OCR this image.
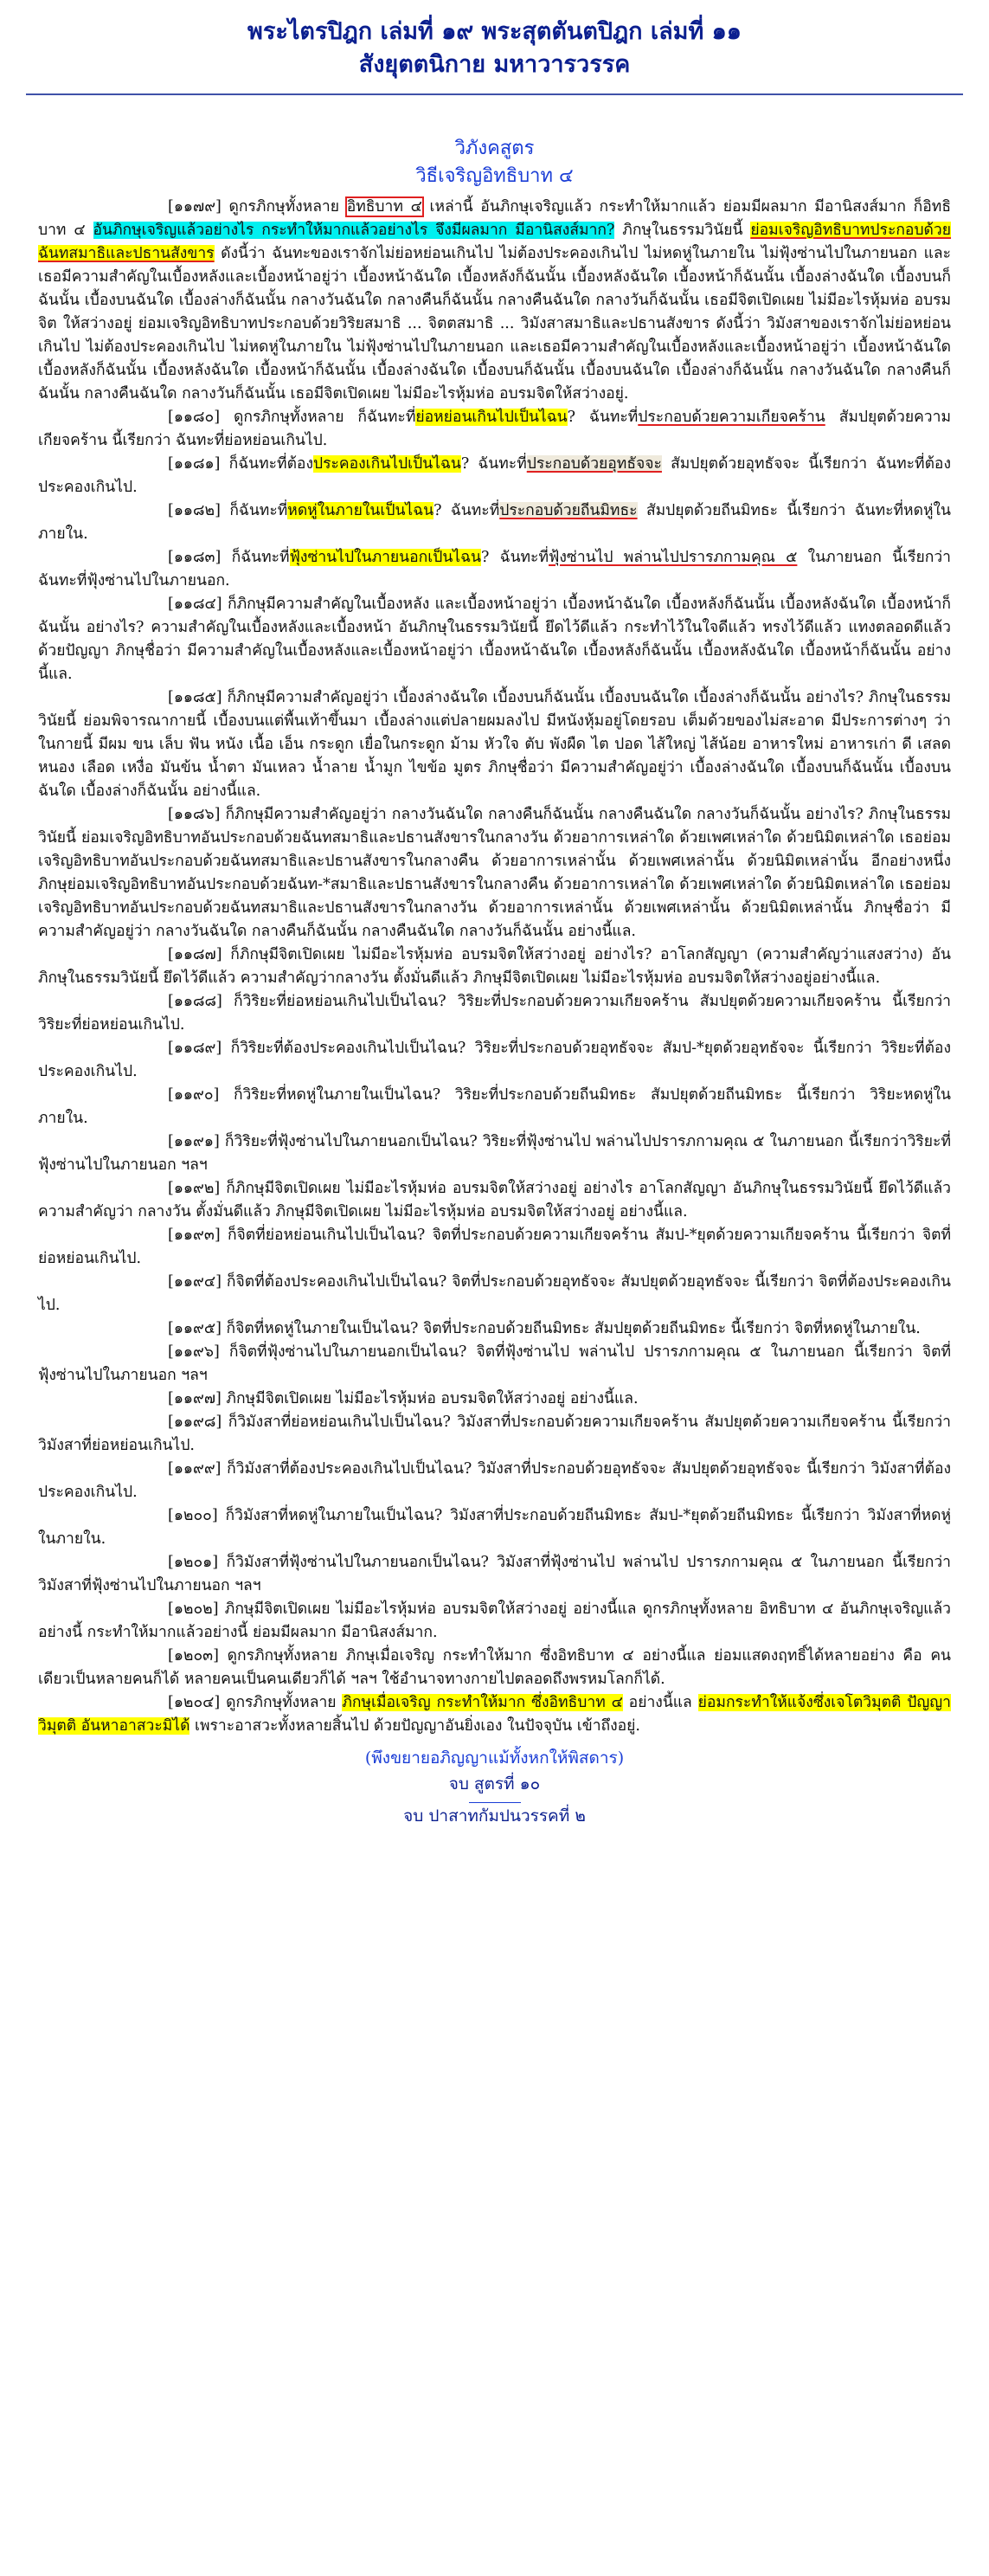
พระไตรปิฎก เล่มที่ ๑๙ พระสุตตันตปิฎก เล่มที่ ๑๑
สังยุตตนิกาย มหาวารวรรค
วิภังคสูตร
วิธีเจริญอิทธิบาท ๔

[๑๑๗๙] ดูกรภิกษุทั้งหลาย อิทธิบาท ๔ เหล่านี้ อันภิกษุเจริญแล้ว กระทำให้มากแล้ว ย่อมมีผลมาก มีอานิสงส์มาก ก็อิทธิบาท ๔ อันภิกษุเจริญแล้วอย่างไร กระทำให้มากแล้วอย่างไร จึงมีผลมาก มีอานิสงส์มาก? ภิกษุในธรรมวินัยนี้ ย่อมเจริญอิทธิบาทประกอบด้วยฉันทสมาธิและปธานสังขาร ดังนี้ว่า ฉันทะของเราจักไม่ย่อหย่อนเกินไป ไม่ต้องประคองเกินไป ไม่หดหู่ในภายใน ไม่ฟุ้งซ่านไปในภายนอก และเธอมีความสำคัญในเบื้องหลังและเบื้องหน้าอยู่ว่า เบื้องหน้าฉันใด เบื้องหลังก็ฉันนั้น เบื้องหลังฉันใด เบื้องหน้าก็ฉันนั้น เบื้องล่างฉันใด เบื้องบนก็ฉันนั้น เบื้องบนฉันใด เบื้องล่างก็ฉันนั้น กลางวันฉันใด กลางคืนก็ฉันนั้น กลางคืนฉันใด กลางวันก็ฉันนั้น เธอมีจิตเปิดเผย ไม่มีอะไรหุ้มห่อ อบรมจิต ให้สว่างอยู่ ย่อมเจริญอิทธิบาทประกอบด้วยวิริยสมาธิ ... จิตตสมาธิ ... วิมังสาสมาธิและปธานสังขาร ดังนี้ว่า วิมังสาของเราจักไม่ย่อหย่อนเกินไป ไม่ต้องประคองเกินไป ไม่หดหู่ในภายใน ไม่ฟุ้งซ่านไปในภายนอก และเธอมีความสำคัญในเบื้องหลังและเบื้องหน้าอยู่ว่า เบื้องหน้าฉันใด เบื้องหลังก็ฉันนั้น เบื้องหลังฉันใด เบื้องหน้าก็ฉันนั้น เบื้องล่างฉันใด เบื้องบนก็ฉันนั้น เบื้องบนฉันใด เบื้องล่างก็ฉันนั้น กลางวันฉันใด กลางคืนก็ฉันนั้น กลางคืนฉันใด กลางวันก็ฉันนั้น เธอมีจิตเปิดเผย ไม่มีอะไรหุ้มห่อ อบรมจิตให้สว่างอยู่.

[๑๑๘๐] ดูกรภิกษุทั้งหลาย ก็ฉันทะที่ย่อหย่อนเกินไปเป็นไฉน? ฉันทะที่ประกอบด้วยความเกียจคร้าน สัมปยุตด้วยความเกียจคร้าน นี้เรียกว่า ฉันทะที่ย่อหย่อนเกินไป.

[๑๑๘๑] ก็ฉันทะที่ต้องประคองเกินไปเป็นไฉน? ฉันทะที่ประกอบด้วยอุทธัจจะ สัมปยุตด้วยอุทธัจจะ นี้เรียกว่า ฉันทะที่ต้องประคองเกินไป.

[๑๑๘๒] ก็ฉันทะที่หดหู่ในภายในเป็นไฉน? ฉันทะที่ประกอบด้วยถีนมิทธะ สัมปยุตด้วยถีนมิทธะ นี้เรียกว่า ฉันทะที่หดหู่ในภายใน.

[๑๑๘๓] ก็ฉันทะที่ฟุ้งซ่านไปในภายนอกเป็นไฉน? ฉันทะที่ฟุ้งซ่านไป พล่านไปปรารภกามคุณ ๕ ในภายนอก นี้เรียกว่า ฉันทะที่ฟุ้งซ่านไปในภายนอก.

[๑๑๘๔] ก็ภิกษุมีความสำคัญในเบื้องหลัง และเบื้องหน้าอยู่ว่า เบื้องหน้าฉันใด เบื้องหลังก็ฉันนั้น เบื้องหลังฉันใด เบื้องหน้าก็ฉันนั้น อย่างไร? ความสำคัญในเบื้องหลังและเบื้องหน้า อันภิกษุในธรรมวินัยนี้ ยึดไว้ดีแล้ว กระทำไว้ในใจดีแล้ว ทรงไว้ดีแล้ว แทงตลอดดีแล้ว ด้วยปัญญา ภิกษุชื่อว่า มีความสำคัญในเบื้องหลังและเบื้องหน้าอยู่ว่า เบื้องหน้าฉันใด เบื้องหลังก็ฉันนั้น เบื้องหลังฉันใด เบื้องหน้าก็ฉันนั้น อย่างนี้แล.

[๑๑๘๕] ก็ภิกษุมีความสำคัญอยู่ว่า เบื้องล่างฉันใด เบื้องบนก็ฉันนั้น เบื้องบนฉันใด เบื้องล่างก็ฉันนั้น อย่างไร? ภิกษุในธรรมวินัยนี้ ย่อมพิจารณากายนี้ เบื้องบนแต่พื้นเท้าขึ้นมา เบื้องล่างแต่ปลายผมลงไป มีหนังหุ้มอยู่โดยรอบ เต็มด้วยของไม่สะอาด มีประการต่างๆ ว่า ในกายนี้ มีผม ขน เล็บ ฟัน หนัง เนื้อ เอ็น กระดูก เยื่อในกระดูก ม้าม หัวใจ ตับ พังผืด ไต ปอด ไส้ใหญ่ ไส้น้อย อาหารใหม่ อาหารเก่า ดี เสลด หนอง เลือด เหงื่อ มันข้น น้ำตา มันเหลว น้ำลาย น้ำมูก ไขข้อ มูตร ภิกษุชื่อว่า มีความสำคัญอยู่ว่า เบื้องล่างฉันใด เบื้องบนก็ฉันนั้น เบื้องบนฉันใด เบื้องล่างก็ฉันนั้น อย่างนี้แล.

[๑๑๘๖] ก็ภิกษุมีความสำคัญอยู่ว่า กลางวันฉันใด กลางคืนก็ฉันนั้น กลางคืนฉันใด กลางวันก็ฉันนั้น อย่างไร? ภิกษุในธรรมวินัยนี้ ย่อมเจริญอิทธิบาทอันประกอบด้วยฉันทสมาธิและปธานสังขารในกลางวัน ด้วยอาการเหล่าใด ด้วยเพศเหล่าใด ด้วยนิมิตเหล่าใด เธอย่อมเจริญอิทธิบาทอันประกอบด้วยฉันทสมาธิและปธานสังขารในกลางคืน ด้วยอาการเหล่านั้น ด้วยเพศเหล่านั้น ด้วยนิมิตเหล่านั้น อีกอย่างหนึ่ง ภิกษุย่อมเจริญอิทธิบาทอันประกอบด้วยฉันท-*สมาธิและปธานสังขารในกลางคืน ด้วยอาการเหล่าใด ด้วยเพศเหล่าใด ด้วยนิมิตเหล่าใด เธอย่อมเจริญอิทธิบาทอันประกอบด้วยฉันทสมาธิและปธานสังขารในกลางวัน ด้วยอาการเหล่านั้น ด้วยเพศเหล่านั้น ด้วยนิมิตเหล่านั้น ภิกษุชื่อว่า มีความสำคัญอยู่ว่า กลางวันฉันใด กลางคืนก็ฉันนั้น กลางคืนฉันใด กลางวันก็ฉันนั้น อย่างนี้แล.

[๑๑๘๗] ก็ภิกษุมีจิตเปิดเผย ไม่มีอะไรหุ้มห่อ อบรมจิตให้สว่างอยู่ อย่างไร? อาโลกสัญญา (ความสำคัญว่าแสงสว่าง) อันภิกษุในธรรมวินัยนี้ ยึดไว้ดีแล้ว ความสำคัญว่ากลางวัน ตั้งมั่นดีแล้ว ภิกษุมีจิตเปิดเผย ไม่มีอะไรหุ้มห่อ อบรมจิตให้สว่างอยู่อย่างนี้แล.

[๑๑๘๘] ก็วิริยะที่ย่อหย่อนเกินไปเป็นไฉน? วิริยะที่ประกอบด้วยความเกียจคร้าน สัมปยุตด้วยความเกียจคร้าน นี้เรียกว่าวิริยะที่ย่อหย่อนเกินไป.

[๑๑๘๙] ก็วิริยะที่ต้องประคองเกินไปเป็นไฉน? วิริยะที่ประกอบด้วยอุทธัจจะ สัมป-*ยุตด้วยอุทธัจจะ นี้เรียกว่า วิริยะที่ต้องประคองเกินไป.

[๑๑๙๐] ก็วิริยะที่หดหู่ในภายในเป็นไฉน? วิริยะที่ประกอบด้วยถีนมิทธะ สัมปยุตด้วยถีนมิทธะ นี้เรียกว่า วิริยะหดหู่ในภายใน.

[๑๑๙๑] ก็วิริยะที่ฟุ้งซ่านไปในภายนอกเป็นไฉน? วิริยะที่ฟุ้งซ่านไป พล่านไปปรารภกามคุณ ๕ ในภายนอก นี้เรียกว่าวิริยะที่ฟุ้งซ่านไปในภายนอก ฯลฯ

[๑๑๙๒] ก็ภิกษุมีจิตเปิดเผย ไม่มีอะไรหุ้มห่อ อบรมจิตให้สว่างอยู่ อย่างไร อาโลกสัญญา อันภิกษุในธรรมวินัยนี้ ยึดไว้ดีแล้ว ความสำคัญว่า กลางวัน ตั้งมั่นดีแล้ว ภิกษุมีจิตเปิดเผย ไม่มีอะไรหุ้มห่อ อบรมจิตให้สว่างอยู่ อย่างนี้แล.

[๑๑๙๓] ก็จิตที่ย่อหย่อนเกินไปเป็นไฉน? จิตที่ประกอบด้วยความเกียจคร้าน สัมป-*ยุตด้วยความเกียจคร้าน นี้เรียกว่า จิตที่ย่อหย่อนเกินไป.

[๑๑๙๔] ก็จิตที่ต้องประคองเกินไปเป็นไฉน? จิตที่ประกอบด้วยอุทธัจจะ สัมปยุตด้วยอุทธัจจะ นี้เรียกว่า จิตที่ต้องประคองเกินไป.

[๑๑๙๕] ก็จิตที่หดหู่ในภายในเป็นไฉน? จิตที่ประกอบด้วยถีนมิทธะ สัมปยุตด้วยถีนมิทธะ นี้เรียกว่า จิตที่หดหู่ในภายใน.

[๑๑๙๖] ก็จิตที่ฟุ้งซ่านไปในภายนอกเป็นไฉน? จิตที่ฟุ้งซ่านไป พล่านไป ปรารภกามคุณ ๕ ในภายนอก นี้เรียกว่า จิตที่ฟุ้งซ่านไปในภายนอก ฯลฯ

[๑๑๙๗] ภิกษุมีจิตเปิดเผย ไม่มีอะไรหุ้มห่อ อบรมจิตให้สว่างอยู่ อย่างนี้แล.

[๑๑๙๘] ก็วิมังสาที่ย่อหย่อนเกินไปเป็นไฉน? วิมังสาที่ประกอบด้วยความเกียจคร้าน สัมปยุตด้วยความเกียจคร้าน นี้เรียกว่า วิมังสาที่ย่อหย่อนเกินไป.

[๑๑๙๙] ก็วิมังสาที่ต้องประคองเกินไปเป็นไฉน? วิมังสาที่ประกอบด้วยอุทธัจจะ สัมปยุตด้วยอุทธัจจะ นี้เรียกว่า วิมังสาที่ต้องประคองเกินไป.

[๑๒๐๐] ก็วิมังสาที่หดหู่ในภายในเป็นไฉน? วิมังสาที่ประกอบด้วยถีนมิทธะ สัมป-*ยุตด้วยถีนมิทธะ นี้เรียกว่า วิมังสาที่หดหู่ในภายใน.

[๑๒๐๑] ก็วิมังสาที่ฟุ้งซ่านไปในภายนอกเป็นไฉน? วิมังสาที่ฟุ้งซ่านไป พล่านไป ปรารภกามคุณ ๕ ในภายนอก นี้เรียกว่า วิมังสาที่ฟุ้งซ่านไปในภายนอก ฯลฯ

[๑๒๐๒] ภิกษุมีจิตเปิดเผย ไม่มีอะไรหุ้มห่อ อบรมจิตให้สว่างอยู่ อย่างนี้แล ดูกรภิกษุทั้งหลาย อิทธิบาท ๔ อันภิกษุเจริญแล้วอย่างนี้ กระทำให้มากแล้วอย่างนี้ ย่อมมีผลมาก มีอานิสงส์มาก.

[๑๒๐๓] ดูกรภิกษุทั้งหลาย ภิกษุเมื่อเจริญ กระทำให้มาก ซึ่งอิทธิบาท ๔ อย่างนี้แล ย่อมแสดงฤทธิ์ได้หลายอย่าง คือ คนเดียวเป็นหลายคนก็ได้ หลายคนเป็นคนเดียวก็ได้ ฯลฯ ใช้อำนาจทางกายไปตลอดถึงพรหมโลกก็ได้.

[๑๒๐๔] ดูกรภิกษุทั้งหลาย ภิกษุเมื่อเจริญ กระทำให้มาก ซึ่งอิทธิบาท ๔ อย่างนี้แล ย่อมกระทำให้แจ้งซึ่งเจโตวิมุตติ ปัญญาวิมุตติ อันหาอาสวะมิได้ เพราะอาสวะทั้งหลายสิ้นไป ด้วยปัญญาอันยิ่งเอง ในปัจจุบัน เข้าถึงอยู่.

(พึงขยายอภิญญาแม้ทั้งหกให้พิสดาร)
จบ สูตรที่ ๑๐
จบ ปาสาทกัมปนวรรคที่ ๒
